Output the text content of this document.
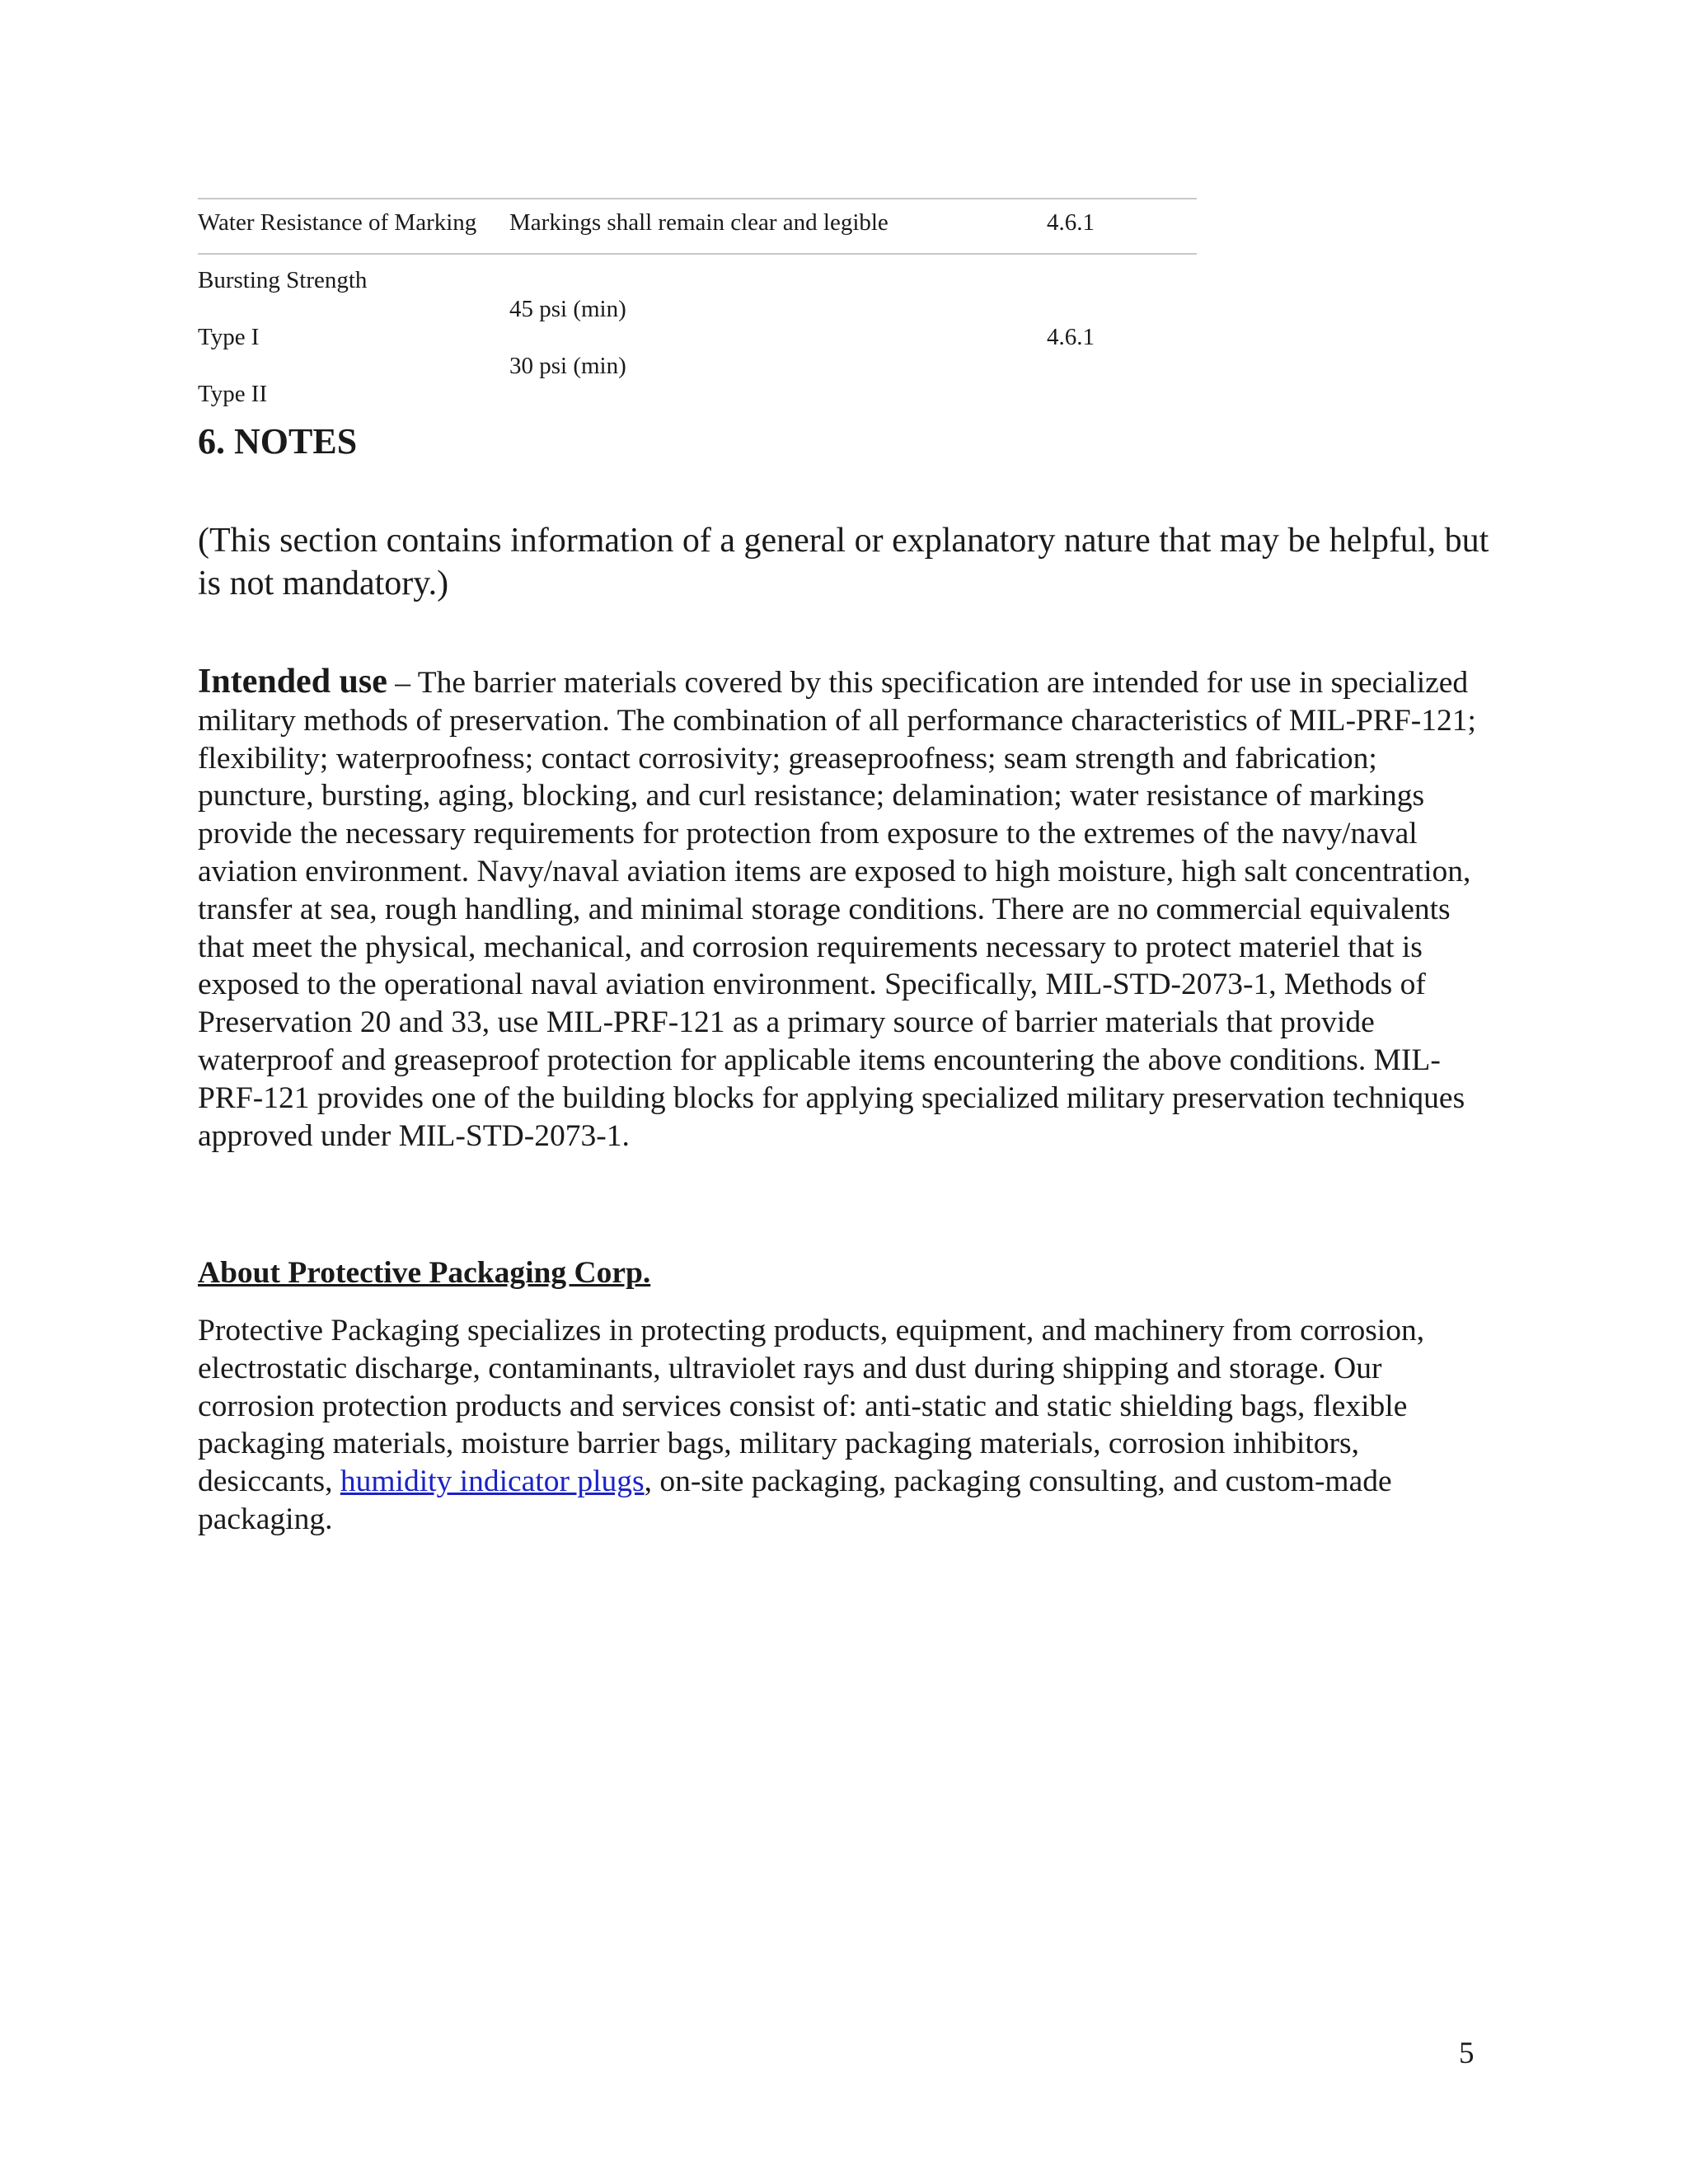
Water Resistance of Marking Markings shall remain clear and legible	4.6.1
Bursting Strength
45 psi (min)
Type I	4.6.1
30 psi (min)
Type II
6. NOTES

(This section contains information of a general or explanatory nature that may be helpful, but is not mandatory.)

Intended use – The barrier materials covered by this specification are intended for use in specialized military methods of preservation. The combination of all performance characteristics of MIL-PRF-121; flexibility; waterproofness; contact corrosivity; greaseproofness; seam strength and fabrication; puncture, bursting, aging, blocking, and curl resistance; delamination; water resistance of markings provide the necessary requirements for protection from exposure to the extremes of the navy/naval aviation environment. Navy/naval aviation items are exposed to high moisture, high salt concentration, transfer at sea, rough handling, and minimal storage conditions. There are no commercial equivalents that meet the physical, mechanical, and corrosion requirements necessary to protect materiel that is exposed to the operational naval aviation environment. Specifically, MIL-STD-2073-1, Methods of Preservation 20 and 33, use MIL-PRF-121 as a primary source of barrier materials that provide waterproof and greaseproof protection for applicable items encountering the above conditions. MIL-PRF-121 provides one of the building blocks for applying specialized military preservation techniques approved under MIL-STD-2073-1.

About Protective Packaging Corp.

Protective Packaging specializes in protecting products, equipment, and machinery from corrosion, electrostatic discharge, contaminants, ultraviolet rays and dust during shipping and storage. Our corrosion protection products and services consist of: anti-static and static shielding bags, flexible packaging materials, moisture barrier bags, military packaging materials, corrosion inhibitors, desiccants, humidity indicator plugs, on-site packaging, packaging consulting, and custom-made packaging.

5
